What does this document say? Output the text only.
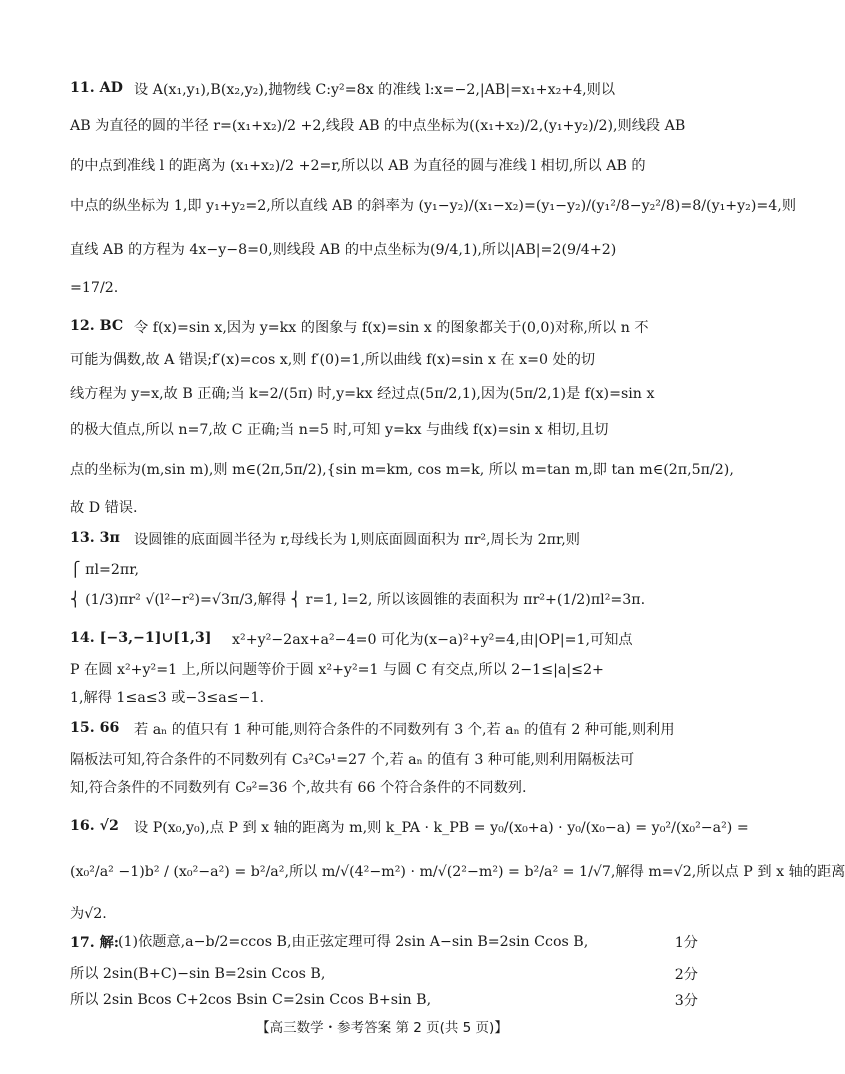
11. AD 设 A(x₁,y₁),B(x₂,y₂),抛物线 C:y²=8x 的准线 l:x=−2,|AB|=x₁+x₂+4,则以
AB 为直径的圆的半径 r=(x₁+x₂)/2 +2,线段 AB 的中点坐标为((x₁+x₂)/2,(y₁+y₂)/2),则线段 AB
的中点到准线 l 的距离为 (x₁+x₂)/2 +2=r,所以以 AB 为直径的圆与准线 l 相切,所以 AB 的
中点的纵坐标为 1,即 y₁+y₂=2,所以直线 AB 的斜率为 (y₁−y₂)/(x₁−x₂)=(y₁−y₂)/(y₁²/8−y₂²/8)=8/(y₁+y₂)=4,则
直线 AB 的方程为 4x−y−8=0,则线段 AB 的中点坐标为(9/4,1),所以|AB|=2(9/4+2)
=17/2.
12. BC 令 f(x)=sin x,因为 y=kx 的图象与 f(x)=sin x 的图象都关于(0,0)对称,所以 n 不
可能为偶数,故 A 错误;f′(x)=cos x,则 f′(0)=1,所以曲线 f(x)=sin x 在 x=0 处的切
线方程为 y=x,故 B 正确;当 k=2/(5π) 时,y=kx 经过点(5π/2,1),因为(5π/2,1)是 f(x)=sin x
的极大值点,所以 n=7,故 C 正确;当 n=5 时,可知 y=kx 与曲线 f(x)=sin x 相切,且切
点的坐标为(m,sin m),则 m∈(2π,5π/2),{sin m=km, cos m=k, 所以 m=tan m,即 tan m∈(2π,5π/2),
故 D 错误.
13. 3π 设圆锥的底面圆半径为 r,母线长为 l,则底面圆面积为 πr²,周长为 2πr,则
⎧ πl=2πr,
⎨ (1/3)πr² √(l²−r²)=√3π/3,解得 ⎨ r=1, l=2, 所以该圆锥的表面积为 πr²+(1/2)πl²=3π.
14. [−3,−1]∪[1,3] x²+y²−2ax+a²−4=0 可化为(x−a)²+y²=4,由|OP|=1,可知点
P 在圆 x²+y²=1 上,所以问题等价于圆 x²+y²=1 与圆 C 有交点,所以 2−1≤|a|≤2+
1,解得 1≤a≤3 或−3≤a≤−1.
15. 66 若 aₙ 的值只有 1 种可能,则符合条件的不同数列有 3 个,若 aₙ 的值有 2 种可能,则利用
隔板法可知,符合条件的不同数列有 C₃²C₉¹=27 个,若 aₙ 的值有 3 种可能,则利用隔板法可
知,符合条件的不同数列有 C₉²=36 个,故共有 66 个符合条件的不同数列.
16. √2 设 P(x₀,y₀),点 P 到 x 轴的距离为 m,则 k_PA · k_PB = y₀/(x₀+a) · y₀/(x₀−a) = y₀²/(x₀²−a²) =
(x₀²/a² −1)b² / (x₀²−a²) = b²/a²,所以 m/√(4²−m²) · m/√(2²−m²) = b²/a² = 1/√7,解得 m=√2,所以点 P 到 x 轴的距离
为√2.
17. 解:
(1)依题意,a−b/2=ccos B,由正弦定理可得 2sin A−sin B=2sin Ccos B,	1分
所以 2sin(B+C)−sin B=2sin Ccos B,	2分
所以 2sin Bcos C+2cos Bsin C=2sin Ccos B+sin B,	3分
【高三数学・参考答案 第 2 页(共 5 页)】
